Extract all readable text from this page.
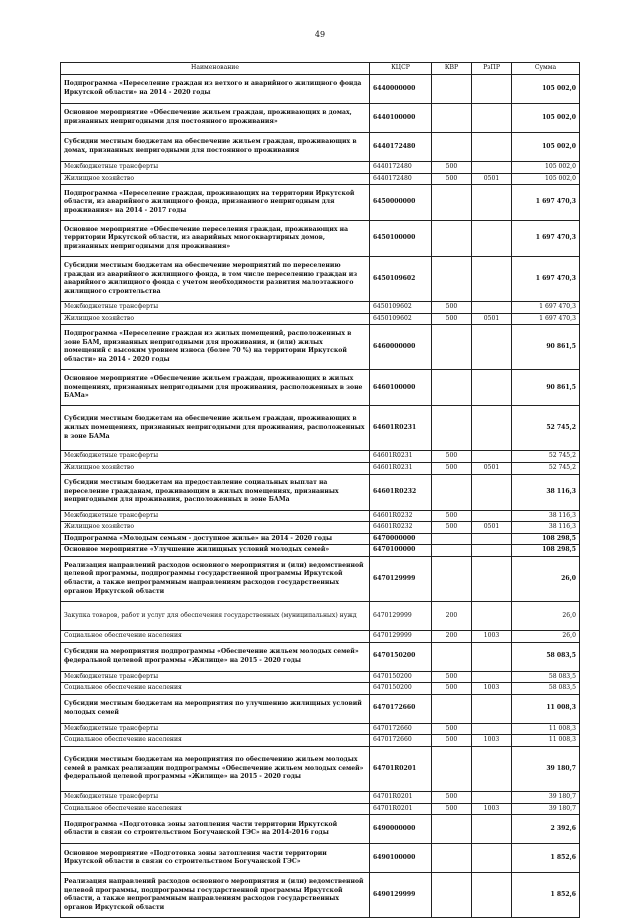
49
Наименование	КЦСР	КВР	РзПР	Сумма
Подпрограмма «Переселение граждан из ветхого и аварийного жилищного фонда Иркутской области» на 2014 - 2020 годы	6440000000			105 002,0
Основное мероприятие «Обеспечение жильем граждан, проживающих в домах, признанных непригодными для постоянного проживания»	6440100000			105 002,0
Субсидии местным бюджетам на обеспечение жильем граждан, проживающих в домах, признанных непригодными для постоянного проживания	6440172480			105 002,0
Межбюджетные трансферты	6440172480	500		105 002,0
Жилищное хозяйство	6440172480	500	0501	105 002,0
Подпрограмма «Переселение граждан, проживающих на территории Иркутской области, из аварийного жилищного фонда, признанного непригодным для проживания» на 2014 - 2017 годы	6450000000			1 697 470,3
Основное мероприятие «Обеспечение переселения граждан, проживающих на территории Иркутской области, из аварийных многоквартирных домов, признанных непригодными для проживания»	6450100000			1 697 470,3
Субсидии местным бюджетам на обеспечение мероприятий по переселению граждан из аварийного жилищного фонда, в том числе переселению граждан из аварийного жилищного фонда с учетом необходимости развития малоэтажного жилищного строительства	6450109602			1 697 470,3
Межбюджетные трансферты	6450109602	500		1 697 470,3
Жилищное хозяйство	6450109602	500	0501	1 697 470,3
Подпрограмма «Переселение граждан из жилых помещений, расположенных в зоне БАМ, признанных непригодными для проживания, и (или) жилых помещений с высоким уровнем износа (более 70 %) на территории Иркутской области» на 2014 - 2020 годы	6460000000			90 861,5
Основное мероприятие «Обеспечение жильем граждан, проживающих в жилых помещениях, признанных непригодными для проживания, расположенных в зоне БАМа»	6460100000			90 861,5
Субсидии местным бюджетам на обеспечение жильем граждан, проживающих в жилых помещениях, признанных непригодными для проживания, расположенных в зоне БАМа	64601R0231			52 745,2
Межбюджетные трансферты	64601R0231	500		52 745,2
Жилищное хозяйство	64601R0231	500	0501	52 745,2
Субсидии местным бюджетам на предоставление социальных выплат на переселение гражданам, проживающим в жилых помещениях, признанных непригодными для проживания, расположенных в зоне БАМа	64601R0232			38 116,3
Межбюджетные трансферты	64601R0232	500		38 116,3
Жилищное хозяйство	64601R0232	500	0501	38 116,3
Подпрограмма «Молодым семьям - доступное жилье» на 2014 - 2020 годы	6470000000			108 298,5
Основное мероприятие «Улучшение жилищных условий молодых семей»	6470100000			108 298,5
Реализация направлений расходов основного мероприятия и (или) ведомственной целевой программы, подпрограммы государственной программы Иркутской области, а также непрограммным направлениям расходов государственных органов Иркутской области	6470129999			26,0
Закупка товаров, работ и услуг для обеспечения государственных (муниципальных) нужд	6470129999	200		26,0
Социальное обеспечение населения	6470129999	200	1003	26,0
Субсидии на мероприятия подпрограммы «Обеспечение жильем молодых семей» федеральной целевой программы «Жилище» на 2015 - 2020 годы	6470150200			58 083,5
Межбюджетные трансферты	6470150200	500		58 083,5
Социальное обеспечение населения	6470150200	500	1003	58 083,5
Субсидии местным бюджетам на мероприятия по улучшению жилищных условий молодых семей	6470172660			11 008,3
Межбюджетные трансферты	6470172660	500		11 008,3
Социальное обеспечение населения	6470172660	500	1003	11 008,3
Субсидии местным бюджетам на мероприятия по обеспечению жильем молодых семей в рамках реализации подпрограммы «Обеспечение жильем молодых семей» федеральной целевой программы «Жилище» на 2015 - 2020 годы	64701R0201			39 180,7
Межбюджетные трансферты	64701R0201	500		39 180,7
Социальное обеспечение населения	64701R0201	500	1003	39 180,7
Подпрограмма «Подготовка зоны затопления части территории Иркутской области в связи со строительством Богучанской ГЭС» на 2014-2016 годы	6490000000			2 392,6
Основное мероприятие «Подготовка зоны затопления части территории Иркутской области в связи со строительством Богучанской ГЭС»	6490100000			1 852,6
Реализация направлений расходов основного мероприятия и (или) ведомственной целевой программы, подпрограммы государственной программы Иркутской области, а также непрограммным направлениям расходов государственных органов Иркутской области	6490129999			1 852,6
